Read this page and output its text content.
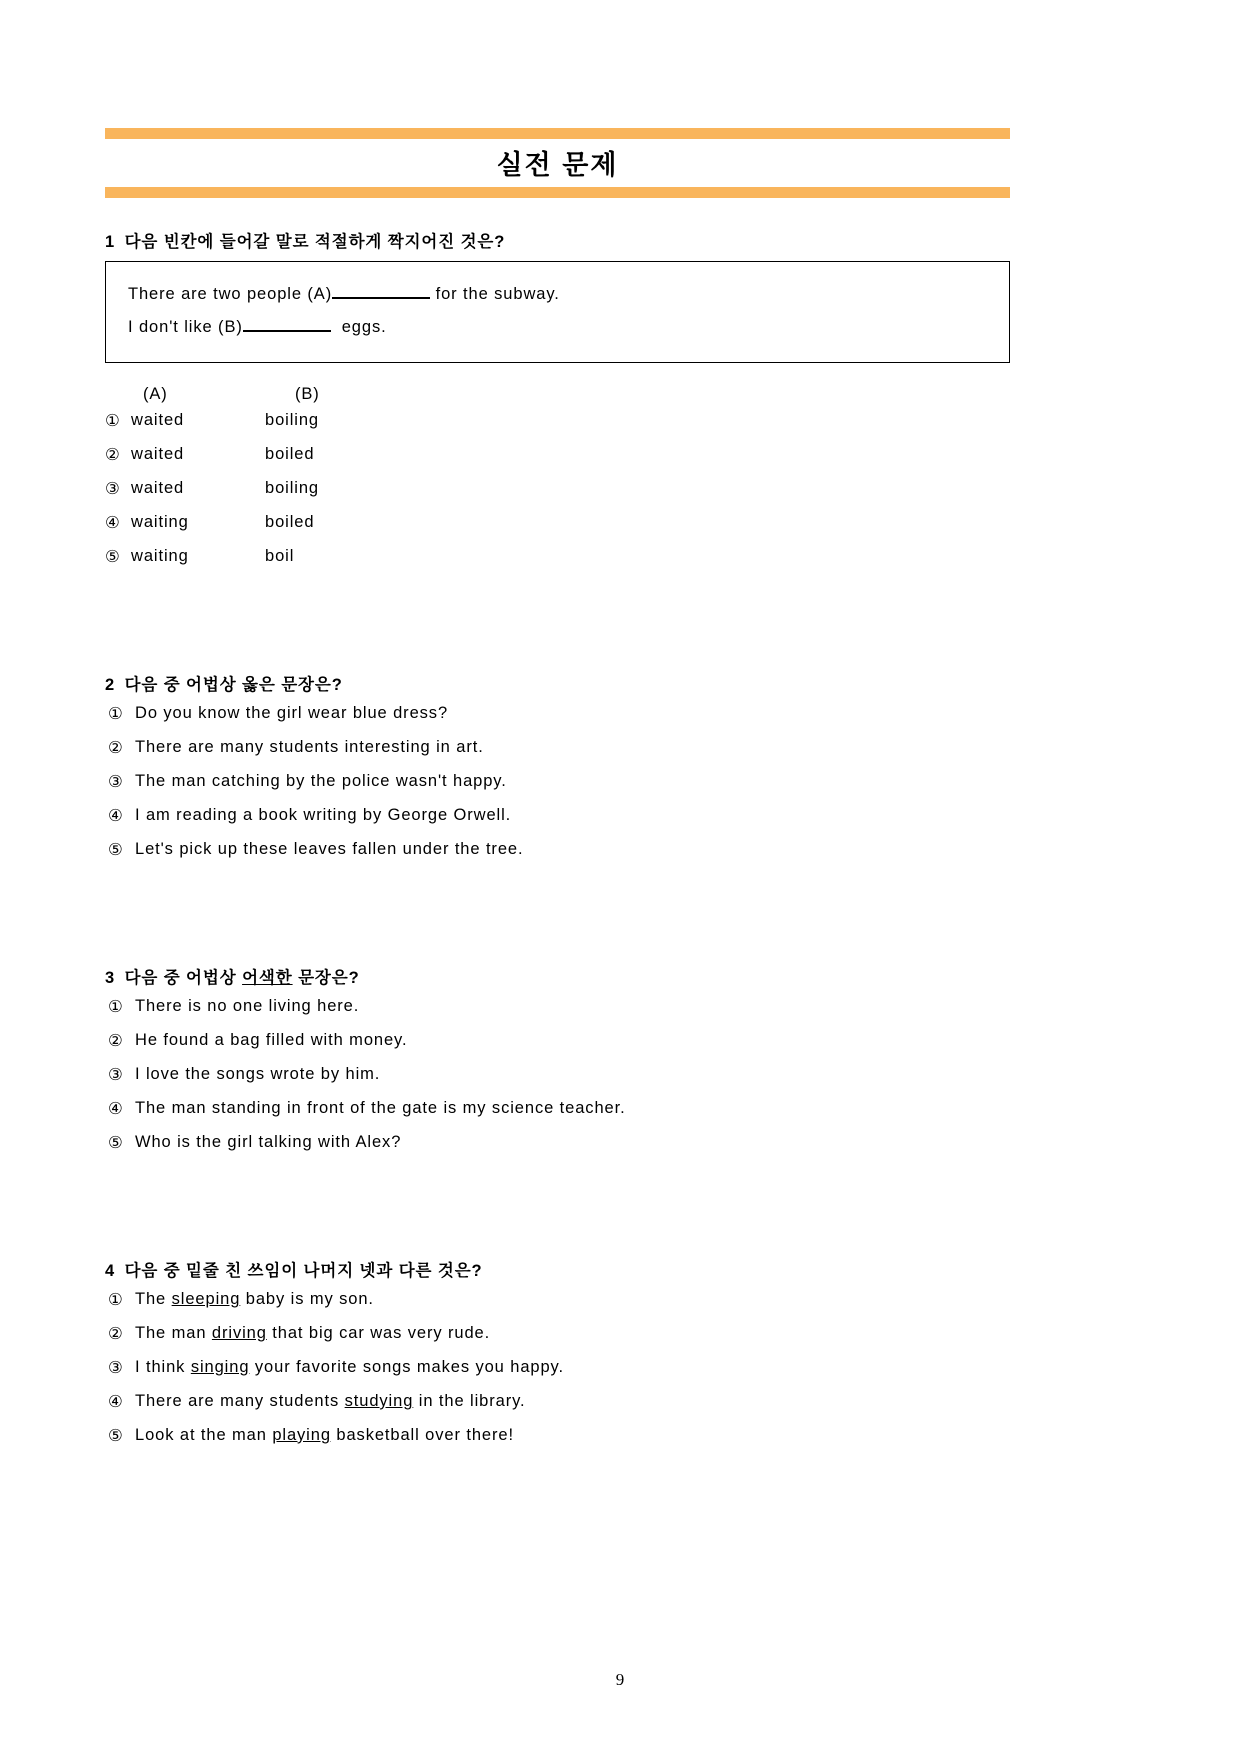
실전 문제
1 다음 빈칸에 들어갈 말로 적절하게 짝지어진 것은?
There are two people (A)	for the subway.
I don't like (B)	eggs.
(A)	(B)
① waited	boiling
② waited	boiled
③ waited	boiling
④ waiting	boiled
⑤ waiting	boil
2 다음 중 어법상 옳은 문장은?
① Do you know the girl wear blue dress?
② There are many students interesting in art.
③ The man catching by the police wasn't happy.
④ I am reading a book writing by George Orwell.
⑤ Let's pick up these leaves fallen under the tree.
3 다음 중 어법상 어색한 문장은?
① There is no one living here.
② He found a bag filled with money.
③ I love the songs wrote by him.
④ The man standing in front of the gate is my science teacher.
⑤ Who is the girl talking with Alex?
4 다음 중 밑줄 친 쓰임이 나머지 넷과 다른 것은?
① The sleeping baby is my son.
② The man driving that big car was very rude.
③ I think singing your favorite songs makes you happy.
④ There are many students studying in the library.
⑤ Look at the man playing basketball over there!
9
